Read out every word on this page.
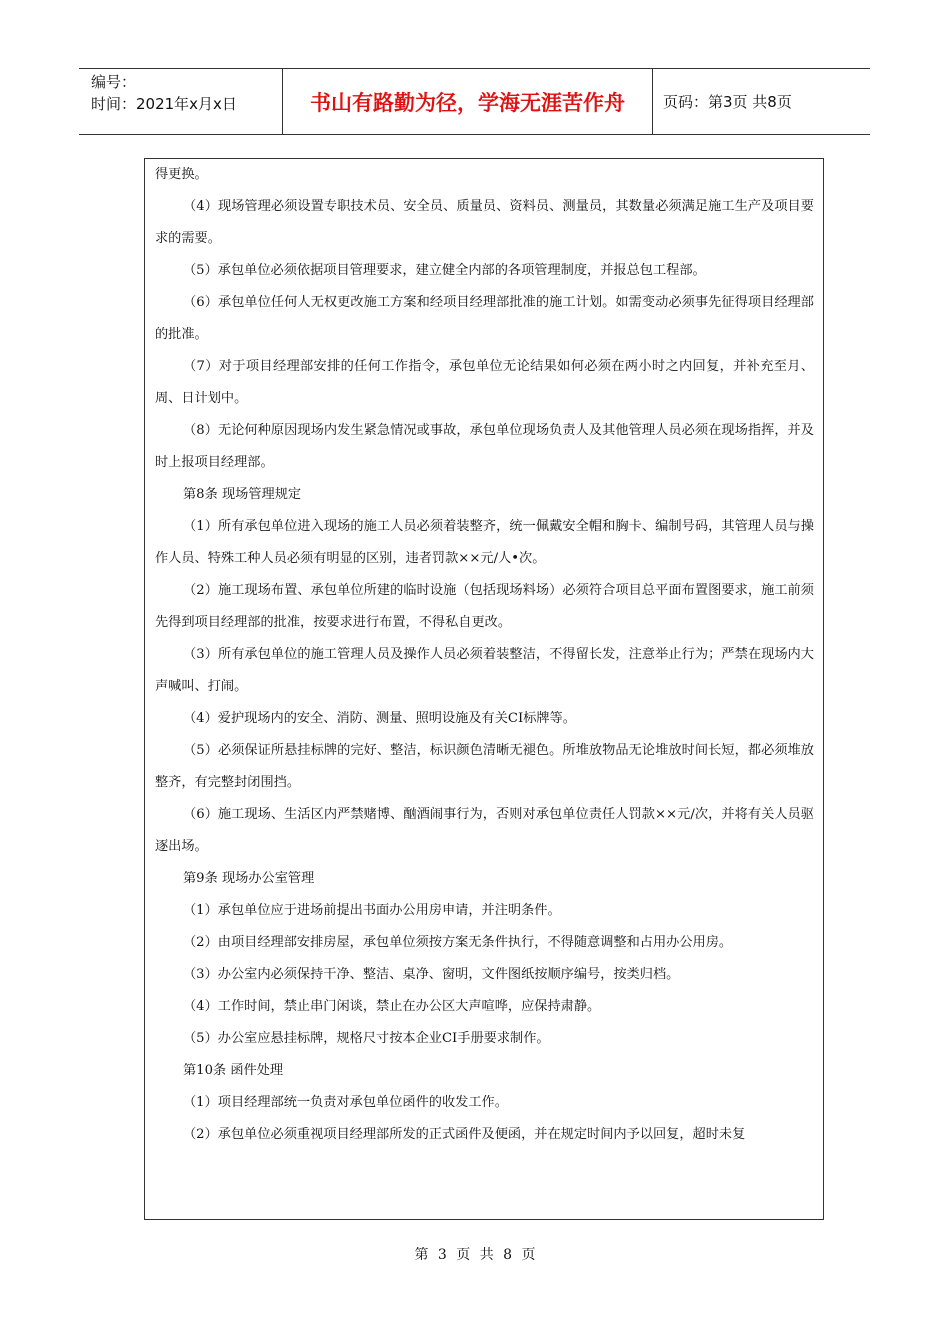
编号：
时间：2021年x月x日	书山有路勤为径，学海无涯苦作舟	页码：第3页 共8页

得更换。

（4）现场管理必须设置专职技术员、安全员、质量员、资料员、测量员，其数量必须满足施工生产及项目要求的需要。

（5）承包单位必须依据项目管理要求，建立健全内部的各项管理制度，并报总包工程部。

（6）承包单位任何人无权更改施工方案和经项目经理部批准的施工计划。如需变动必须事先征得项目经理部的批准。

（7）对于项目经理部安排的任何工作指令，承包单位无论结果如何必须在两小时之内回复，并补充至月、周、日计划中。

（8）无论何种原因现场内发生紧急情况或事故，承包单位现场负责人及其他管理人员必须在现场指挥，并及时上报项目经理部。

第8条 现场管理规定

（1）所有承包单位进入现场的施工人员必须着装整齐，统一佩戴安全帽和胸卡、编制号码，其管理人员与操作人员、特殊工种人员必须有明显的区别，违者罚款××元/人•次。

（2）施工现场布置、承包单位所建的临时设施（包括现场料场）必须符合项目总平面布置图要求，施工前须先得到项目经理部的批准，按要求进行布置，不得私自更改。

（3）所有承包单位的施工管理人员及操作人员必须着装整洁，不得留长发，注意举止行为；严禁在现场内大声喊叫、打闹。

（4）爱护现场内的安全、消防、测量、照明设施及有关CI标牌等。

（5）必须保证所悬挂标牌的完好、整洁，标识颜色清晰无褪色。所堆放物品无论堆放时间长短，都必须堆放整齐，有完整封闭围挡。

（6）施工现场、生活区内严禁赌博、酗酒闹事行为，否则对承包单位责任人罚款××元/次，并将有关人员驱逐出场。

第9条 现场办公室管理

（1）承包单位应于进场前提出书面办公用房申请，并注明条件。

（2）由项目经理部安排房屋，承包单位须按方案无条件执行，不得随意调整和占用办公用房。

（3）办公室内必须保持干净、整洁、桌净、窗明，文件图纸按顺序编号，按类归档。

（4）工作时间，禁止串门闲谈，禁止在办公区大声喧哗，应保持肃静。

（5）办公室应悬挂标牌，规格尺寸按本企业CI手册要求制作。

第10条 函件处理

（1）项目经理部统一负责对承包单位函件的收发工作。

（2）承包单位必须重视项目经理部所发的正式函件及便函，并在规定时间内予以回复，超时未复

第 3 页 共 8 页
